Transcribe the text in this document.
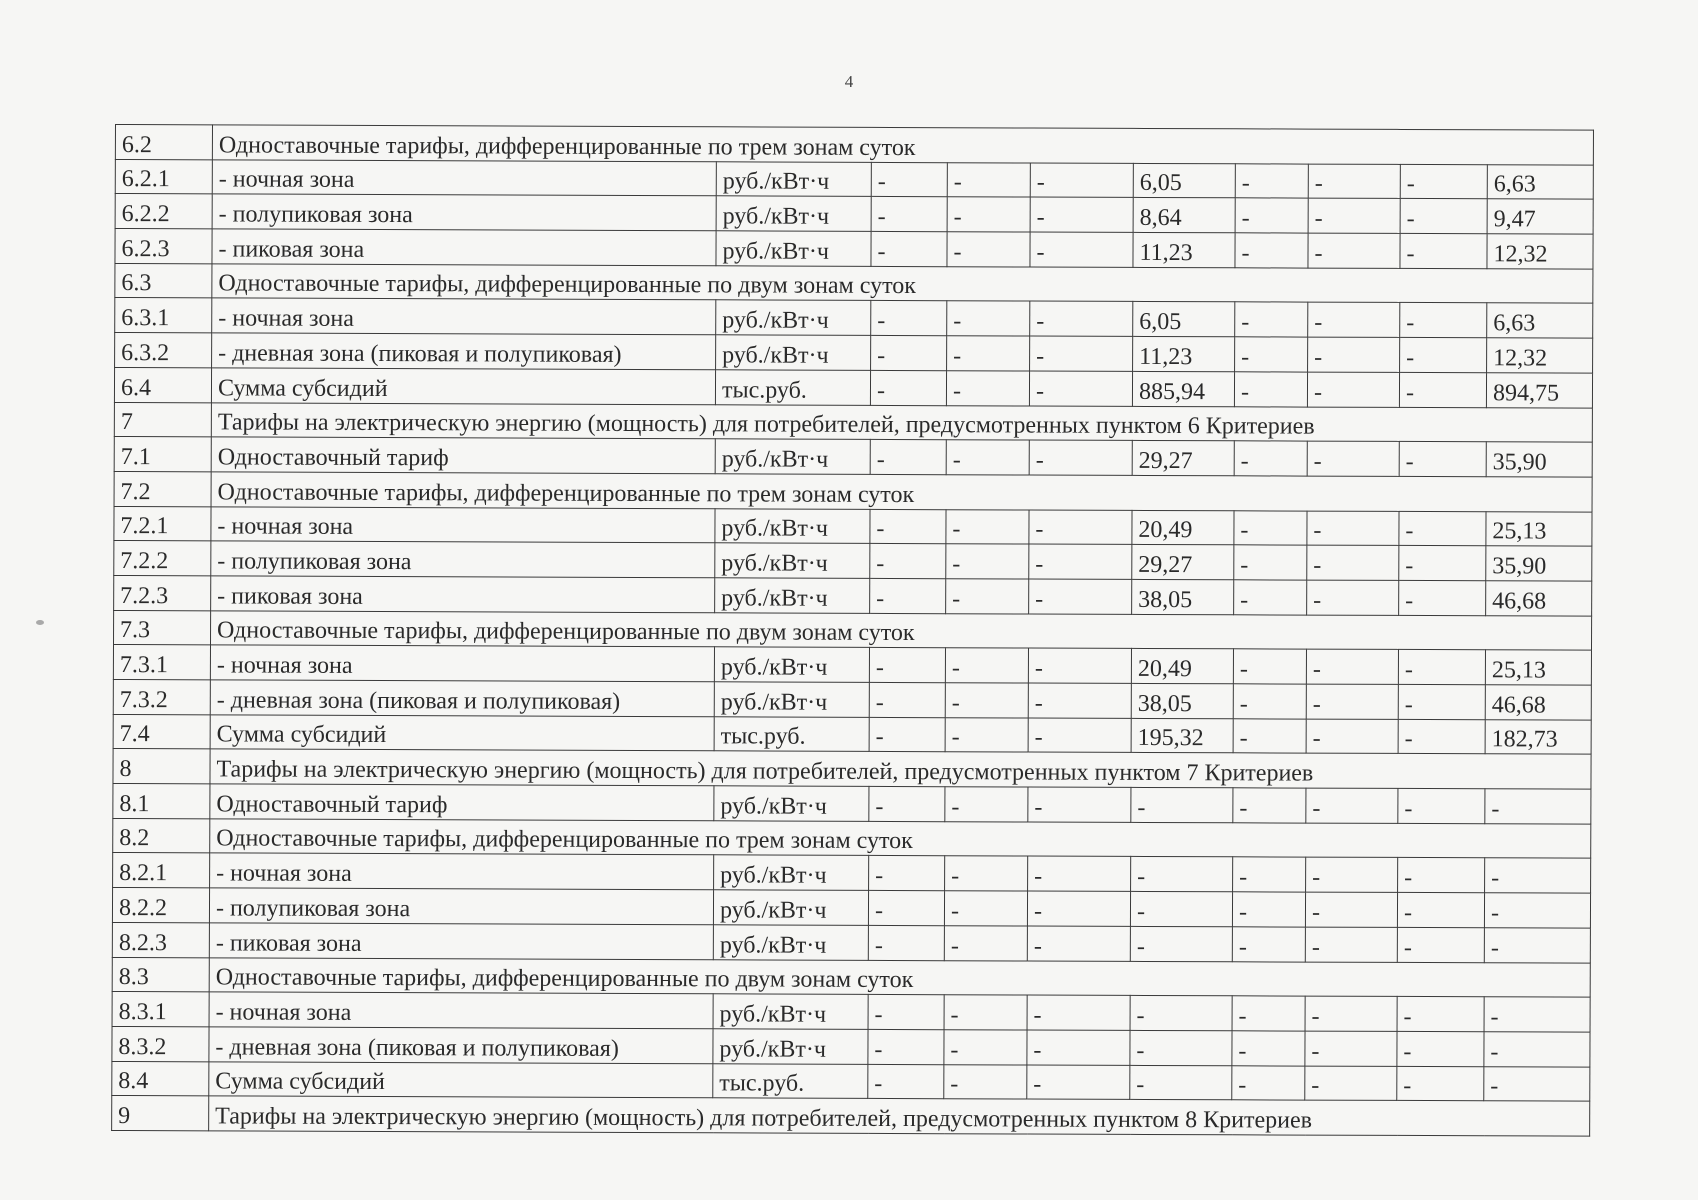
4
6.2	Одноставочные тарифы, дифференцированные по трем зонам суток									
6.2.1	- ночная зона	руб./кВт·ч	-	-	-	6,05	-	-	-	6,63
6.2.2	- полупиковая зона	руб./кВт·ч	-	-	-	8,64	-	-	-	9,47
6.2.3	- пиковая зона	руб./кВт·ч	-	-	-	11,23	-	-	-	12,32
6.3	Одноставочные тарифы, дифференцированные по двум зонам суток									
6.3.1	- ночная зона	руб./кВт·ч	-	-	-	6,05	-	-	-	6,63
6.3.2	- дневная зона (пиковая и полупиковая)	руб./кВт·ч	-	-	-	11,23	-	-	-	12,32
6.4	Сумма субсидий	тыс.руб.	-	-	-	885,94	-	-	-	894,75
7	Тарифы на электрическую энергию (мощность) для потребителей, предусмотренных пунктом 6 Критериев									
7.1	Одноставочный тариф	руб./кВт·ч	-	-	-	29,27	-	-	-	35,90
7.2	Одноставочные тарифы, дифференцированные по трем зонам суток									
7.2.1	- ночная зона	руб./кВт·ч	-	-	-	20,49	-	-	-	25,13
7.2.2	- полупиковая зона	руб./кВт·ч	-	-	-	29,27	-	-	-	35,90
7.2.3	- пиковая зона	руб./кВт·ч	-	-	-	38,05	-	-	-	46,68
7.3	Одноставочные тарифы, дифференцированные по двум зонам суток									
7.3.1	- ночная зона	руб./кВт·ч	-	-	-	20,49	-	-	-	25,13
7.3.2	- дневная зона (пиковая и полупиковая)	руб./кВт·ч	-	-	-	38,05	-	-	-	46,68
7.4	Сумма субсидий	тыс.руб.	-	-	-	195,32	-	-	-	182,73
8	Тарифы на электрическую энергию (мощность) для потребителей, предусмотренных пунктом 7 Критериев									
8.1	Одноставочный тариф	руб./кВт·ч	-	-	-	-	-	-	-	-
8.2	Одноставочные тарифы, дифференцированные по трем зонам суток									
8.2.1	- ночная зона	руб./кВт·ч	-	-	-	-	-	-	-	-
8.2.2	- полупиковая зона	руб./кВт·ч	-	-	-	-	-	-	-	-
8.2.3	- пиковая зона	руб./кВт·ч	-	-	-	-	-	-	-	-
8.3	Одноставочные тарифы, дифференцированные по двум зонам суток									
8.3.1	- ночная зона	руб./кВт·ч	-	-	-	-	-	-	-	-
8.3.2	- дневная зона (пиковая и полупиковая)	руб./кВт·ч	-	-	-	-	-	-	-	-
8.4	Сумма субсидий	тыс.руб.	-	-	-	-	-	-	-	-
9	Тарифы на электрическую энергию (мощность) для потребителей, предусмотренных пунктом 8 Критериев									
